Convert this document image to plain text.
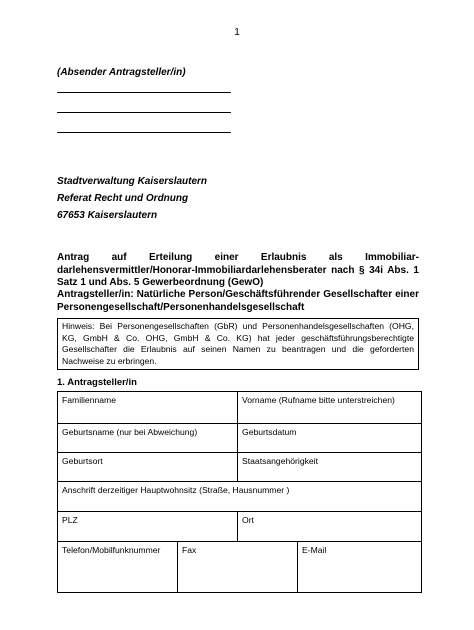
1
(Absender Antragsteller/in)
Stadtverwaltung Kaiserslautern
Referat Recht und Ordnung
67653 Kaiserslautern
Antrag auf Erteilung einer Erlaubnis als Immobiliar-darlehensvermittler/Honorar-Immobiliardarlehensberater nach § 34i Abs. 1 Satz 1 und Abs. 5 Gewerbeordnung (GewO)
Antragsteller/in: Natürliche Person/Geschäftsführender Gesellschafter einer Personengesellschaft/Personenhandelsgesellschaft
Hinweis: Bei Personengesellschaften (GbR) und Personenhandelsgesellschaften (OHG, KG, GmbH & Co. OHG, GmbH & Co. KG) hat jeder geschäftsführungsberechtigte Gesellschafter die Erlaubnis auf seinen Namen zu beantragen und die geforderten Nachweise zu erbringen.
1. Antragsteller/in
Familienname		Vorname (Rufname bitte unterstreichen)	
Geburtsname (nur bei Abweichung)		Geburtsdatum	
Geburtsort		Staatsangehörigkeit	
Anschrift derzeitiger Hauptwohnsitz (Straße, Hausnummer )			
PLZ		Ort	
Telefon/Mobilfunknummer	Fax		E-Mail
